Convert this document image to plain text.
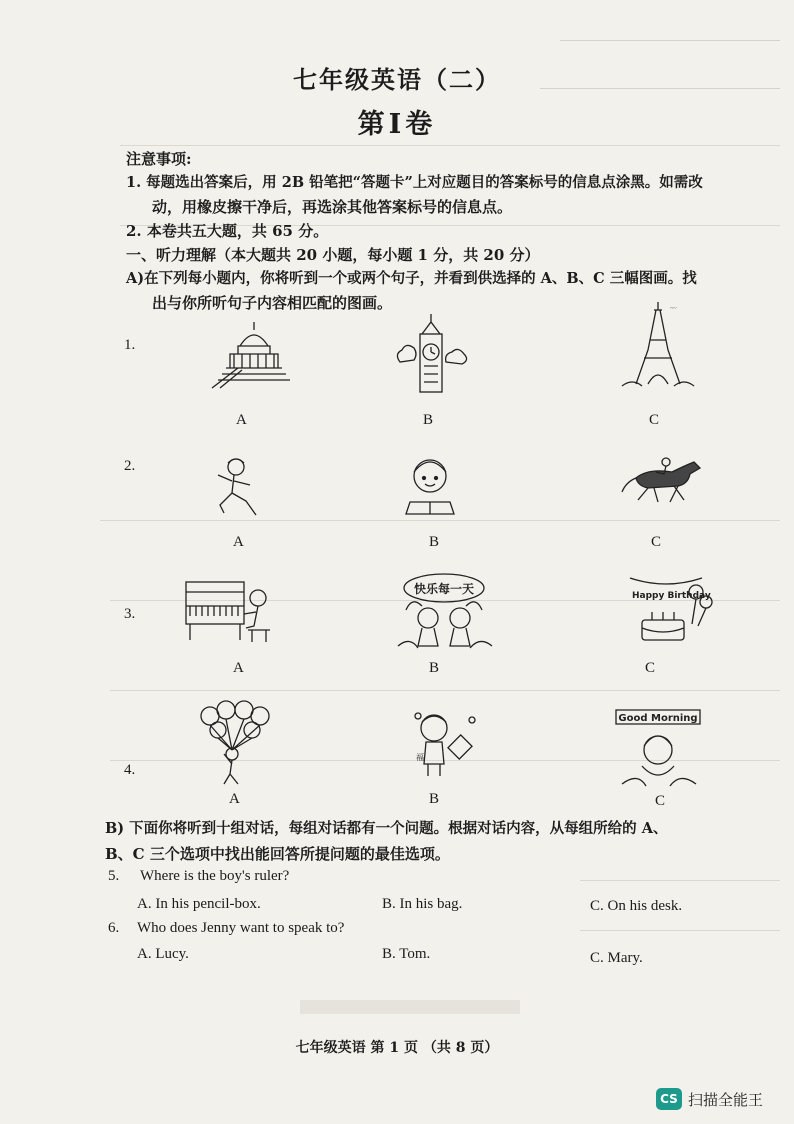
七年级英语（二）
第Ⅰ卷
注意事项:
1. 每题选出答案后，用 2B 铅笔把“答题卡”上对应题目的答案标号的信息点涂黑。如需改
动，用橡皮擦干净后，再选涂其他答案标号的信息点。
2. 本卷共五大题，共 65 分。
一、听力理解（本大题共 20 小题，每小题 1 分，共 20 分）
A)在下列每小题内，你将听到一个或两个句子，并看到供选择的 A、B、C 三幅图画。找
出与你所听句子内容相匹配的图画。
1.
~~
A	B	C
2.
A	B	C
3.
快乐每一天	Happy Birthday
A	B	C
4.
福
Good Morning
A	B	C
B) 下面你将听到十组对话，每组对话都有一个问题。根据对话内容，从每组所给的 A、
B、C 三个选项中找出能回答所提问题的最佳选项。
5. Where is the boy's ruler?
A. In his pencil-box.	B. In his bag.	C. On his desk.
6. Who does Jenny want to speak to?
A. Lucy.	B. Tom.	C. Mary.
七年级英语 第 1 页 （共 8 页）
CS 扫描全能王
